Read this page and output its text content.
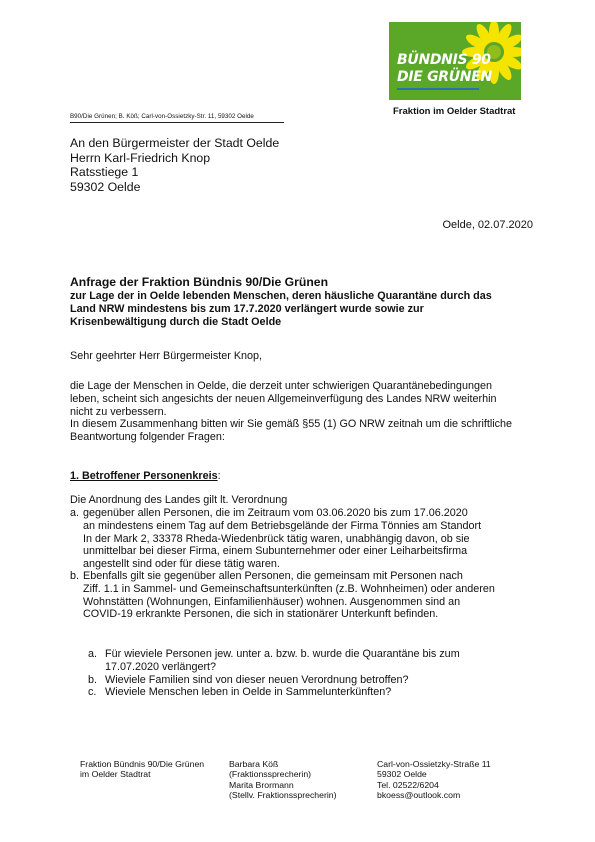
BÜNDNIS 90
DIE GRÜNEN
Fraktion im Oelder Stadtrat
B90/Die Grünen; B. Köß; Carl-von-Ossietzky-Str. 11, 59302 Oelde
An den Bürgermeister der Stadt Oelde
Herrn Karl-Friedrich Knop
Ratsstiege 1
59302 Oelde
Oelde, 02.07.2020
Anfrage der Fraktion Bündnis 90/Die Grünen
zur Lage der in Oelde lebenden Menschen, deren häusliche Quarantäne durch das
Land NRW mindestens bis zum 17.7.2020 verlängert wurde sowie zur
Krisenbewältigung durch die Stadt Oelde
Sehr geehrter Herr Bürgermeister Knop,
die Lage der Menschen in Oelde, die derzeit unter schwierigen Quarantänebedingungen
leben, scheint sich angesichts der neuen Allgemeinverfügung des Landes NRW weiterhin
nicht zu verbessern.
In diesem Zusammenhang bitten wir Sie gemäß §55 (1) GO NRW zeitnah um die schriftliche
Beantwortung folgender Fragen:
1. Betroffener Personenkreis:
Die Anordnung des Landes gilt lt. Verordnung
a. gegenüber allen Personen, die im Zeitraum vom 03.06.2020 bis zum 17.06.2020
an mindestens einem Tag auf dem Betriebsgelände der Firma Tönnies am Standort
In der Mark 2, 33378 Rheda-Wiedenbrück tätig waren, unabhängig davon, ob sie
unmittelbar bei dieser Firma, einem Subunternehmer oder einer Leiharbeitsfirma
angestellt sind oder für diese tätig waren.
b. Ebenfalls gilt sie gegenüber allen Personen, die gemeinsam mit Personen nach
Ziff. 1.1 in Sammel- und Gemeinschaftsunterkünften (z.B. Wohnheimen) oder anderen
Wohnstätten (Wohnungen, Einfamilienhäuser) wohnen. Ausgenommen sind an
COVID-19 erkrankte Personen, die sich in stationärer Unterkunft befinden.
a. Für wieviele Personen jew. unter a. bzw. b. wurde die Quarantäne bis zum
17.07.2020 verlängert?
b. Wieviele Familien sind von dieser neuen Verordnung betroffen?
c. Wieviele Menschen leben in Oelde in Sammelunterkünften?
Fraktion Bündnis 90/Die Grünen
im Oelder Stadtrat
Barbara Köß
(Fraktionssprecherin)
Marita Brormann
(Stellv. Fraktionssprecherin)
Carl-von-Ossietzky-Straße 11
59302 Oelde
Tel. 02522/6204
bkoess@outlook.com
